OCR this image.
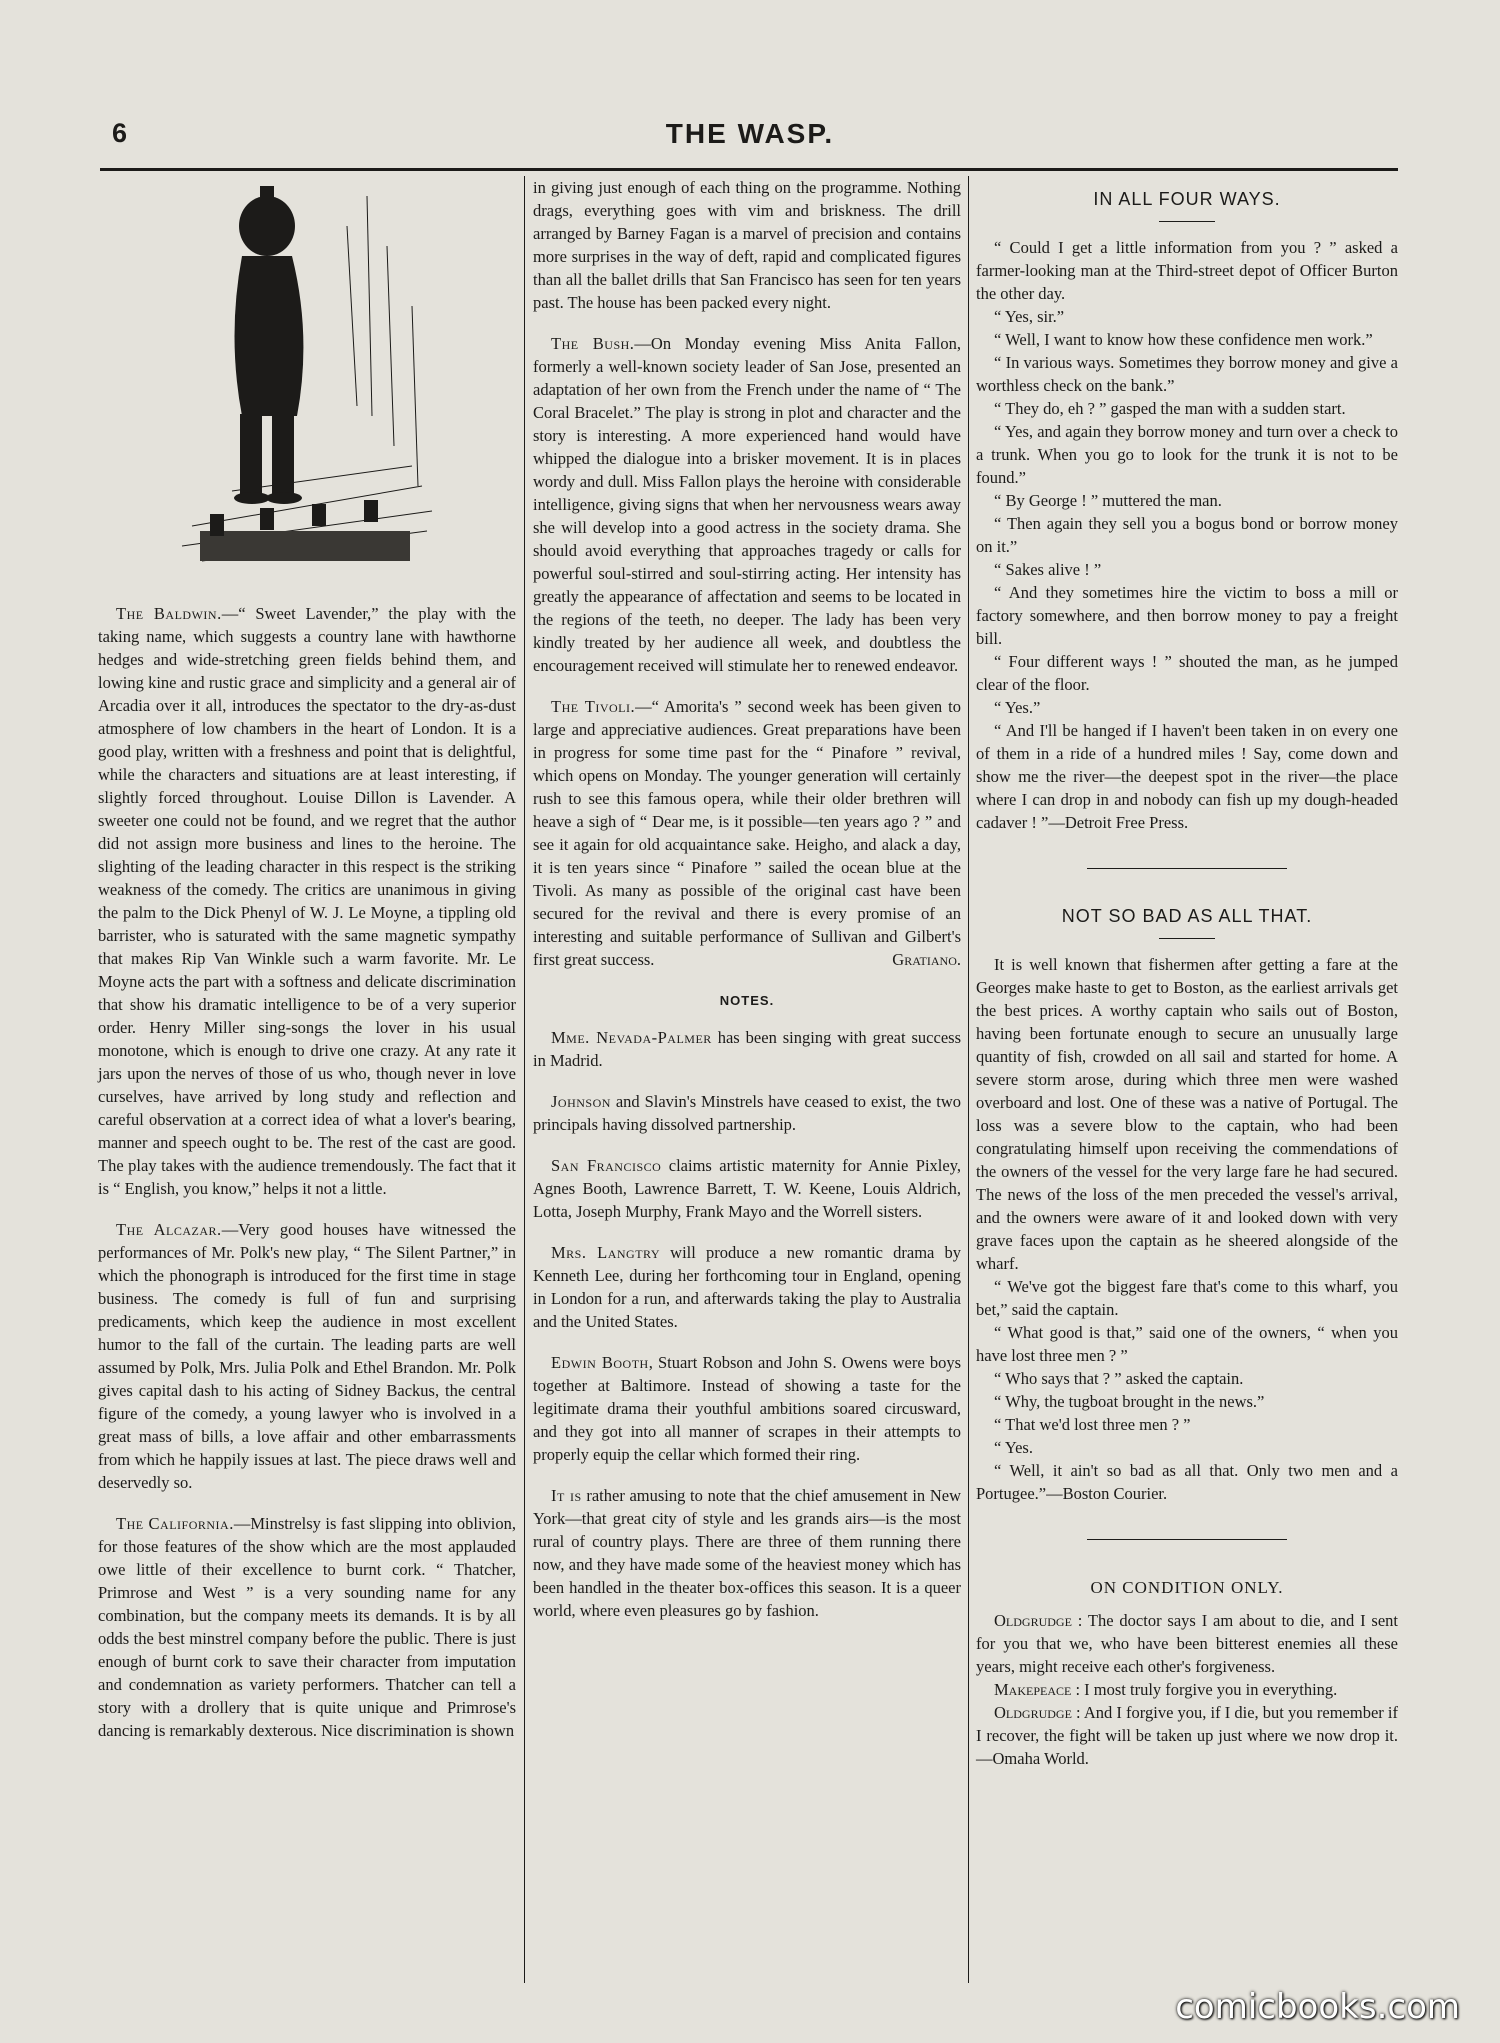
6	THE WASP.

The Baldwin.—“ Sweet Lavender,” the play with the taking name, which suggests a country lane with hawthorne hedges and wide-stretching green fields behind them, and lowing kine and rustic grace and simplicity and a general air of Arcadia over it all, introduces the spectator to the dry-as-dust atmosphere of low chambers in the heart of London. It is a good play, written with a freshness and point that is delightful, while the characters and situations are at least interesting, if slightly forced throughout. Louise Dillon is Lavender. A sweeter one could not be found, and we regret that the author did not assign more business and lines to the heroine. The slighting of the leading character in this respect is the striking weakness of the comedy. The critics are unanimous in giving the palm to the Dick Phenyl of W. J. Le Moyne, a tippling old barrister, who is saturated with the same magnetic sympathy that makes Rip Van Winkle such a warm favorite. Mr. Le Moyne acts the part with a softness and delicate discrimination that show his dramatic intelligence to be of a very superior order. Henry Miller sing-songs the lover in his usual monotone, which is enough to drive one crazy. At any rate it jars upon the nerves of those of us who, though never in love curselves, have arrived by long study and reflection and careful observation at a correct idea of what a lover's bearing, manner and speech ought to be. The rest of the cast are good. The play takes with the audience tremendously. The fact that it is “ English, you know,” helps it not a little.

The Alcazar.—Very good houses have witnessed the performances of Mr. Polk's new play, “ The Silent Partner,” in which the phonograph is introduced for the first time in stage business. The comedy is full of fun and surprising predicaments, which keep the audience in most excellent humor to the fall of the curtain. The leading parts are well assumed by Polk, Mrs. Julia Polk and Ethel Brandon. Mr. Polk gives capital dash to his acting of Sidney Backus, the central figure of the comedy, a young lawyer who is involved in a great mass of bills, a love affair and other embarrassments from which he happily issues at last. The piece draws well and deservedly so.

The California.—Minstrelsy is fast slipping into oblivion, for those features of the show which are the most applauded owe little of their excellence to burnt cork. “ Thatcher, Primrose and West ” is a very sounding name for any combination, but the company meets its demands. It is by all odds the best minstrel company before the public. There is just enough of burnt cork to save their character from imputation and condemnation as variety performers. Thatcher can tell a story with a drollery that is quite unique and Primrose's dancing is remarkably dexterous. Nice discrimination is shown

in giving just enough of each thing on the programme. Nothing drags, everything goes with vim and briskness. The drill arranged by Barney Fagan is a marvel of precision and contains more surprises in the way of deft, rapid and complicated figures than all the ballet drills that San Francisco has seen for ten years past. The house has been packed every night.

The Bush.—On Monday evening Miss Anita Fallon, formerly a well-known society leader of San Jose, presented an adaptation of her own from the French under the name of “ The Coral Bracelet.” The play is strong in plot and character and the story is interesting. A more experienced hand would have whipped the dialogue into a brisker movement. It is in places wordy and dull. Miss Fallon plays the heroine with considerable intelligence, giving signs that when her nervousness wears away she will develop into a good actress in the society drama. She should avoid everything that approaches tragedy or calls for powerful soul-stirred and soul-stirring acting. Her intensity has greatly the appearance of affectation and seems to be located in the regions of the teeth, no deeper. The lady has been very kindly treated by her audience all week, and doubtless the encouragement received will stimulate her to renewed endeavor.

The Tivoli.—“ Amorita's ” second week has been given to large and appreciative audiences. Great preparations have been in progress for some time past for the “ Pinafore ” revival, which opens on Monday. The younger generation will certainly rush to see this famous opera, while their older brethren will heave a sigh of “ Dear me, is it possible—ten years ago ? ” and see it again for old acquaintance sake. Heigho, and alack a day, it is ten years since “ Pinafore ” sailed the ocean blue at the Tivoli. As many as possible of the original cast have been secured for the revival and there is every promise of an interesting and suitable performance of Sullivan and Gilbert's first great success.	Gratiano.

NOTES.

Mme. Nevada-Palmer has been singing with great success in Madrid.

Johnson and Slavin's Minstrels have ceased to exist, the two principals having dissolved partnership.

San Francisco claims artistic maternity for Annie Pixley, Agnes Booth, Lawrence Barrett, T. W. Keene, Louis Aldrich, Lotta, Joseph Murphy, Frank Mayo and the Worrell sisters.

Mrs. Langtry will produce a new romantic drama by Kenneth Lee, during her forthcoming tour in England, opening in London for a run, and afterwards taking the play to Australia and the United States.

Edwin Booth, Stuart Robson and John S. Owens were boys together at Baltimore. Instead of showing a taste for the legitimate drama their youthful ambitions soared circusward, and they got into all manner of scrapes in their attempts to properly equip the cellar which formed their ring.

It is rather amusing to note that the chief amusement in New York—that great city of style and les grands airs—is the most rural of country plays. There are three of them running there now, and they have made some of the heaviest money which has been handled in the theater box-offices this season. It is a queer world, where even pleasures go by fashion.

IN ALL FOUR WAYS.

“ Could I get a little information from you ? ” asked a farmer-looking man at the Third-street depot of Officer Burton the other day.

“ Yes, sir.”

“ Well, I want to know how these confidence men work.”

“ In various ways. Sometimes they borrow money and give a worthless check on the bank.”

“ They do, eh ? ” gasped the man with a sudden start.

“ Yes, and again they borrow money and turn over a check to a trunk. When you go to look for the trunk it is not to be found.”

“ By George ! ” muttered the man.

“ Then again they sell you a bogus bond or borrow money on it.”

“ Sakes alive ! ”

“ And they sometimes hire the victim to boss a mill or factory somewhere, and then borrow money to pay a freight bill.

“ Four different ways ! ” shouted the man, as he jumped clear of the floor.

“ Yes.”

“ And I'll be hanged if I haven't been taken in on every one of them in a ride of a hundred miles ! Say, come down and show me the river—the deepest spot in the river—the place where I can drop in and nobody can fish up my dough-headed cadaver ! ”—Detroit Free Press.

NOT SO BAD AS ALL THAT.

It is well known that fishermen after getting a fare at the Georges make haste to get to Boston, as the earliest arrivals get the best prices. A worthy captain who sails out of Boston, having been fortunate enough to secure an unusually large quantity of fish, crowded on all sail and started for home. A severe storm arose, during which three men were washed overboard and lost. One of these was a native of Portugal. The loss was a severe blow to the captain, who had been congratulating himself upon receiving the commendations of the owners of the vessel for the very large fare he had secured. The news of the loss of the men preceded the vessel's arrival, and the owners were aware of it and looked down with very grave faces upon the captain as he sheered alongside of the wharf.

“ We've got the biggest fare that's come to this wharf, you bet,” said the captain.

“ What good is that,” said one of the owners, “ when you have lost three men ? ”

“ Who says that ? ” asked the captain.

“ Why, the tugboat brought in the news.”

“ That we'd lost three men ? ”

“ Yes.

“ Well, it ain't so bad as all that. Only two men and a Portugee.”—Boston Courier.

ON CONDITION ONLY.

Oldgrudge : The doctor says I am about to die, and I sent for you that we, who have been bitterest enemies all these years, might receive each other's forgiveness.

Makepeace : I most truly forgive you in everything.

Oldgrudge : And I forgive you, if I die, but you remember if I recover, the fight will be taken up just where we now drop it.—Omaha World.

comicbooks.com
